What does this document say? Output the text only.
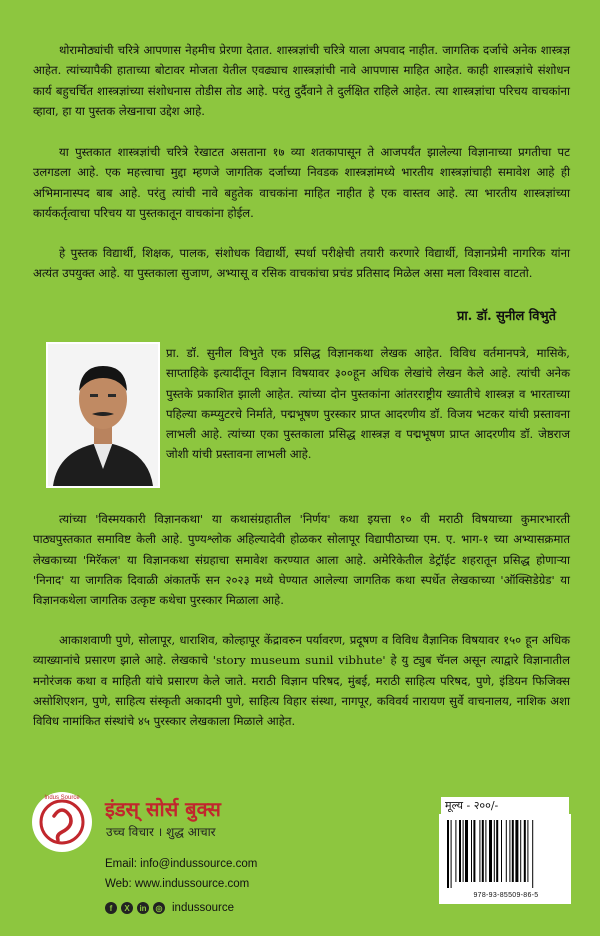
थोरामोठ्यांची चरित्रे आपणास नेहमीच प्रेरणा देतात. शास्त्रज्ञांची चरित्रे याला अपवाद नाहीत. जागतिक दर्जाचे अनेक शास्त्रज्ञ आहेत. त्यांच्यापैकी हाताच्या बोटावर मोजता येतील एवढ्याच शास्त्रज्ञांची नावे आपणास माहित आहेत. काही शास्त्रज्ञांचे संशोधन कार्य बहुचर्चित शास्त्रज्ञांच्या संशोधनास तोडीस तोड आहे. परंतु दुर्दैवाने ते दुर्लक्षित राहिले आहेत. त्या शास्त्रज्ञांचा परिचय वाचकांना व्हावा, हा या पुस्तक लेखनाचा उद्देश आहे.

या पुस्तकात शास्त्रज्ञांची चरित्रे रेखाटत असताना १७ व्या शतकापासून ते आजपर्यंत झालेल्या विज्ञानाच्या प्रगतीचा पट उलगडला आहे. एक महत्त्वाचा मुद्दा म्हणजे जागतिक दर्जाच्या निवडक शास्त्रज्ञांमध्ये भारतीय शास्त्रज्ञांचाही समावेश आहे ही अभिमानास्पद बाब आहे. परंतु त्यांची नावे बहुतेक वाचकांना माहित नाहीत हे एक वास्तव आहे. त्या भारतीय शास्त्रज्ञांच्या कार्यकर्तृत्वाचा परिचय या पुस्तकातून वाचकांना होईल.

हे पुस्तक विद्यार्थी, शिक्षक, पालक, संशोधक विद्यार्थी, स्पर्धा परीक्षेची तयारी करणारे विद्यार्थी, विज्ञानप्रेमी नागरिक यांना अत्यंत उपयुक्त आहे. या पुस्तकाला सुजाण, अभ्यासू व रसिक वाचकांचा प्रचंड प्रतिसाद मिळेल असा मला विश्वास वाटतो.

प्रा. डॉ. सुनील विभुते

प्रा. डॉ. सुनील विभुते एक प्रसिद्ध विज्ञानकथा लेखक आहेत. विविध वर्तमानपत्रे, मासिके, साप्ताहिके इत्यादींतून विज्ञान विषयावर ३००हून अधिक लेखांचे लेखन केले आहे. त्यांची अनेक पुस्तके प्रकाशित झाली आहेत. त्यांच्या दोन पुस्तकांना आंतरराष्ट्रीय ख्यातीचे शास्त्रज्ञ व भारताच्या पहिल्या कम्प्युटरचे निर्माते, पद्मभूषण पुरस्कार प्राप्त आदरणीय डॉ. विजय भटकर यांची प्रस्तावना लाभली आहे. त्यांच्या एका पुस्तकाला प्रसिद्ध शास्त्रज्ञ व पद्मभूषण प्राप्त आदरणीय डॉ. जेष्ठराज जोशी यांची प्रस्तावना लाभली आहे.

त्यांच्या 'विस्मयकारी विज्ञानकथा' या कथासंग्रहातील 'निर्णय' कथा इयत्ता १० वी मराठी विषयाच्या कुमारभारती पाठ्यपुस्तकात समाविष्ट केली आहे. पुण्यश्लोक अहिल्यादेवी होळकर सोलापूर विद्यापीठाच्या एम. ए. भाग-१ च्या अभ्यासक्रमात लेखकाच्या 'मिरॅकल' या विज्ञानकथा संग्रहाचा समावेश करण्यात आला आहे. अमेरिकेतील डेट्रॉईट शहरातून प्रसिद्ध होणाऱ्या 'निनाद' या जागतिक दिवाळी अंकातर्फे सन २०२३ मध्ये घेण्यात आलेल्या जागतिक कथा स्पर्धेत लेखकाच्या 'ऑक्सिडेग्रेड' या विज्ञानकथेला जागतिक उत्कृष्ट कथेचा पुरस्कार मिळाला आहे.

आकाशवाणी पुणे, सोलापूर, धाराशिव, कोल्हापूर केंद्रावरुन पर्यावरण, प्रदूषण व विविध वैज्ञानिक विषयावर १५० हून अधिक व्याख्यानांचे प्रसारण झाले आहे. लेखकाचे 'story museum sunil vibhute' हे यु ट्युब चॅनल असून त्याद्वारे विज्ञानातील मनोरंजक कथा व माहिती यांचे प्रसारण केले जाते. मराठी विज्ञान परिषद, मुंबई, मराठी साहित्य परिषद, पुणे, इंडियन फिजिक्स असोशिएशन, पुणे, साहित्य संस्कृती अकादमी पुणे, साहित्य विहार संस्था, नागपूर, कविवर्य नारायण सुर्वे वाचनालय, नाशिक अशा विविध नामांकित संस्थांचे ४५ पुरस्कार लेखकाला मिळाले आहेत.

Indus Source इंडस् सोर्स बुक्स
उच्च विचार । शुद्ध आचार
Email: info@indussource.com
Web: www.indussource.com
f	X	in	◎ indussource
मूल्य - २००/-
978-93-85509-86-5
